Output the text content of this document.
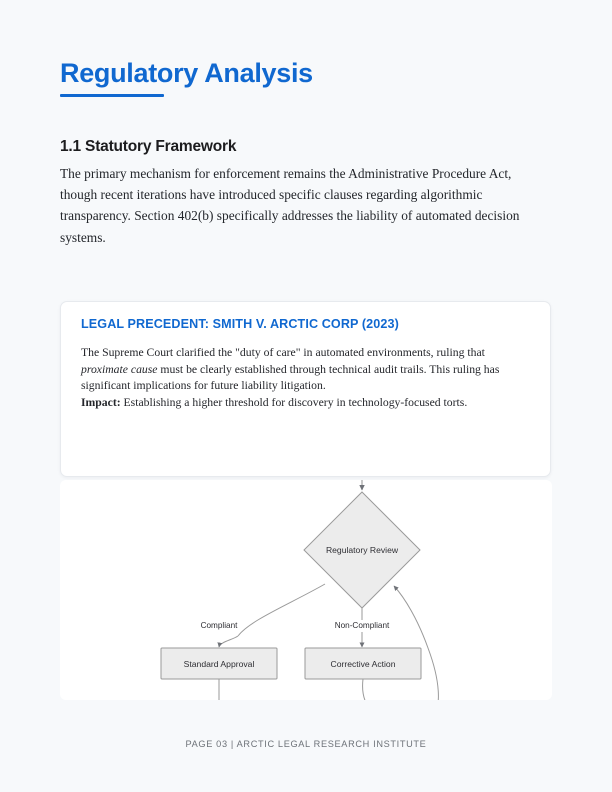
Regulatory Analysis
1.1 Statutory Framework
The primary mechanism for enforcement remains the Administrative Procedure Act, though recent iterations have introduced specific clauses regarding algorithmic transparency. Section 402(b) specifically addresses the liability of automated decision systems.
LEGAL PRECEDENT: SMITH V. ARCTIC CORP (2023)
The Supreme Court clarified the "duty of care" in automated environments, ruling that proximate cause must be clearly established through technical audit trails. This ruling has significant implications for future liability litigation.
Impact: Establishing a higher threshold for discovery in technology-focused torts.
Regulatory Review
Compliant	Non-Compliant
Standard Approval	Corrective Action
PAGE 03 | ARCTIC LEGAL RESEARCH INSTITUTE
